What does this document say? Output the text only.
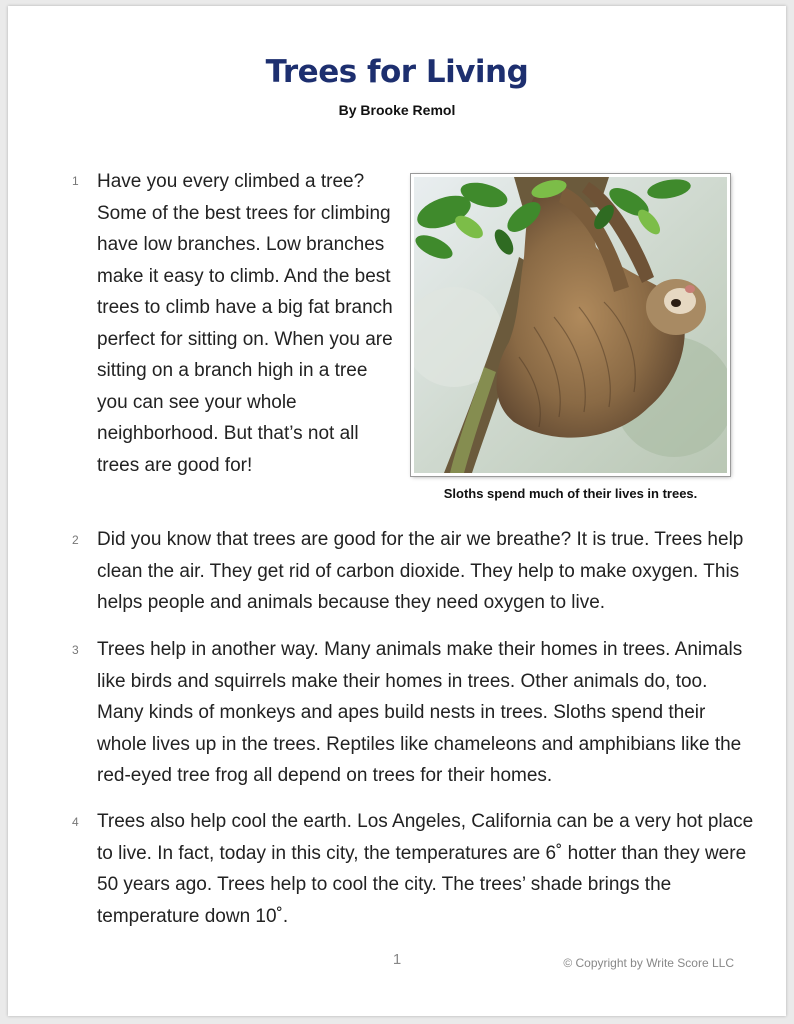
Trees for Living

By Brooke Remol

1 Have you every climbed a tree? Some of the best trees for climbing have low branches. Low branches make it easy to climb. And the best trees to climb have a big fat branch perfect for sitting on. When you are sitting on a branch high in a tree you can see your whole neighborhood. But that’s not all trees are good for!

Sloths spend much of their lives in trees.

2 Did you know that trees are good for the air we breathe? It is true. Trees help clean the air. They get rid of carbon dioxide. They help to make oxygen. This helps people and animals because they need oxygen to live.

3 Trees help in another way. Many animals make their homes in trees. Animals like birds and squirrels make their homes in trees. Other animals do, too. Many kinds of monkeys and apes build nests in trees. Sloths spend their whole lives up in the trees. Reptiles like chameleons and amphibians like the red-eyed tree frog all depend on trees for their homes.

4 Trees also help cool the earth. Los Angeles, California can be a very hot place to live. In fact, today in this city, the temperatures are 6˚ hotter than they were 50 years ago. Trees help to cool the city. The trees’ shade brings the temperature down 10˚.

1	© Copyright by Write Score LLC
